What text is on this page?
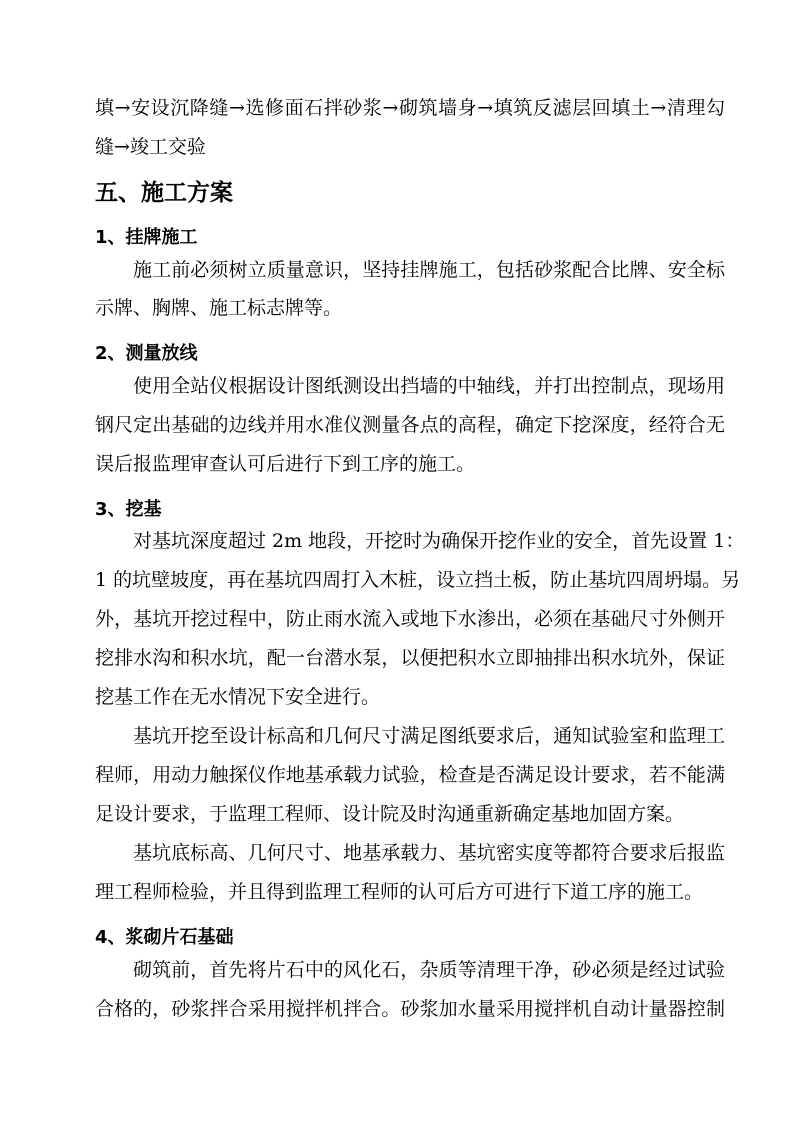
填→安设沉降缝→选修面石拌砂浆→砌筑墙身→填筑反滤层回填土→清理勾
缝→竣工交验
五、施工方案
1、挂牌施工
施工前必须树立质量意识，坚持挂牌施工，包括砂浆配合比牌、安全标
示牌、胸牌、施工标志牌等。
2、测量放线
使用全站仪根据设计图纸测设出挡墙的中轴线，并打出控制点，现场用
钢尺定出基础的边线并用水准仪测量各点的高程，确定下挖深度，经符合无
误后报监理审查认可后进行下到工序的施工。
3、挖基
对基坑深度超过 2m 地段，开挖时为确保开挖作业的安全，首先设置 1：
1 的坑壁坡度，再在基坑四周打入木桩，设立挡土板，防止基坑四周坍塌。另
外，基坑开挖过程中，防止雨水流入或地下水渗出，必须在基础尺寸外侧开
挖排水沟和积水坑，配一台潜水泵，以便把积水立即抽排出积水坑外，保证
挖基工作在无水情况下安全进行。
基坑开挖至设计标高和几何尺寸满足图纸要求后，通知试验室和监理工
程师，用动力触探仪作地基承载力试验，检查是否满足设计要求，若不能满
足设计要求，于监理工程师、设计院及时沟通重新确定基地加固方案。
基坑底标高、几何尺寸、地基承载力、基坑密实度等都符合要求后报监
理工程师检验，并且得到监理工程师的认可后方可进行下道工序的施工。
4、浆砌片石基础
砌筑前，首先将片石中的风化石，杂质等清理干净，砂必须是经过试验
合格的，砂浆拌合采用搅拌机拌合。砂浆加水量采用搅拌机自动计量器控制
